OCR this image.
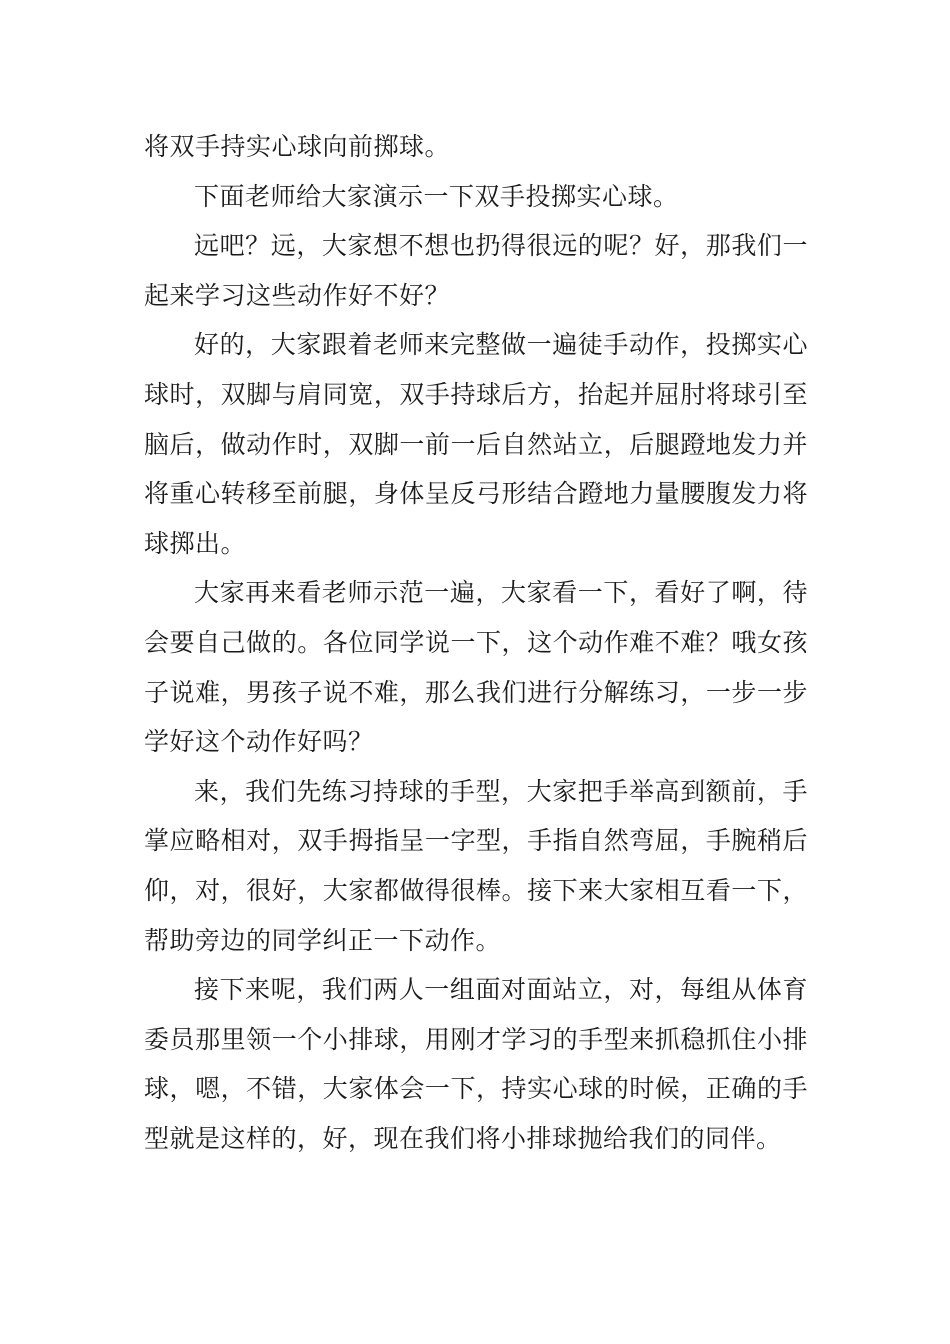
将双手持实心球向前掷球。

下面老师给大家演示一下双手投掷实心球。

远吧？远，大家想不想也扔得很远的呢？好，那我们一起来学习这些动作好不好？

好的，大家跟着老师来完整做一遍徒手动作，投掷实心球时，双脚与肩同宽，双手持球后方，抬起并屈肘将球引至脑后，做动作时，双脚一前一后自然站立，后腿蹬地发力并将重心转移至前腿，身体呈反弓形结合蹬地力量腰腹发力将球掷出。

大家再来看老师示范一遍，大家看一下，看好了啊，待会要自己做的。各位同学说一下，这个动作难不难？哦女孩子说难，男孩子说不难，那么我们进行分解练习，一步一步学好这个动作好吗？

来，我们先练习持球的手型，大家把手举高到额前，手掌应略相对，双手拇指呈一字型，手指自然弯屈，手腕稍后仰，对，很好，大家都做得很棒。接下来大家相互看一下，帮助旁边的同学纠正一下动作。

接下来呢，我们两人一组面对面站立，对，每组从体育委员那里领一个小排球，用刚才学习的手型来抓稳抓住小排球，嗯，不错，大家体会一下，持实心球的时候，正确的手型就是这样的，好，现在我们将小排球抛给我们的同伴。
